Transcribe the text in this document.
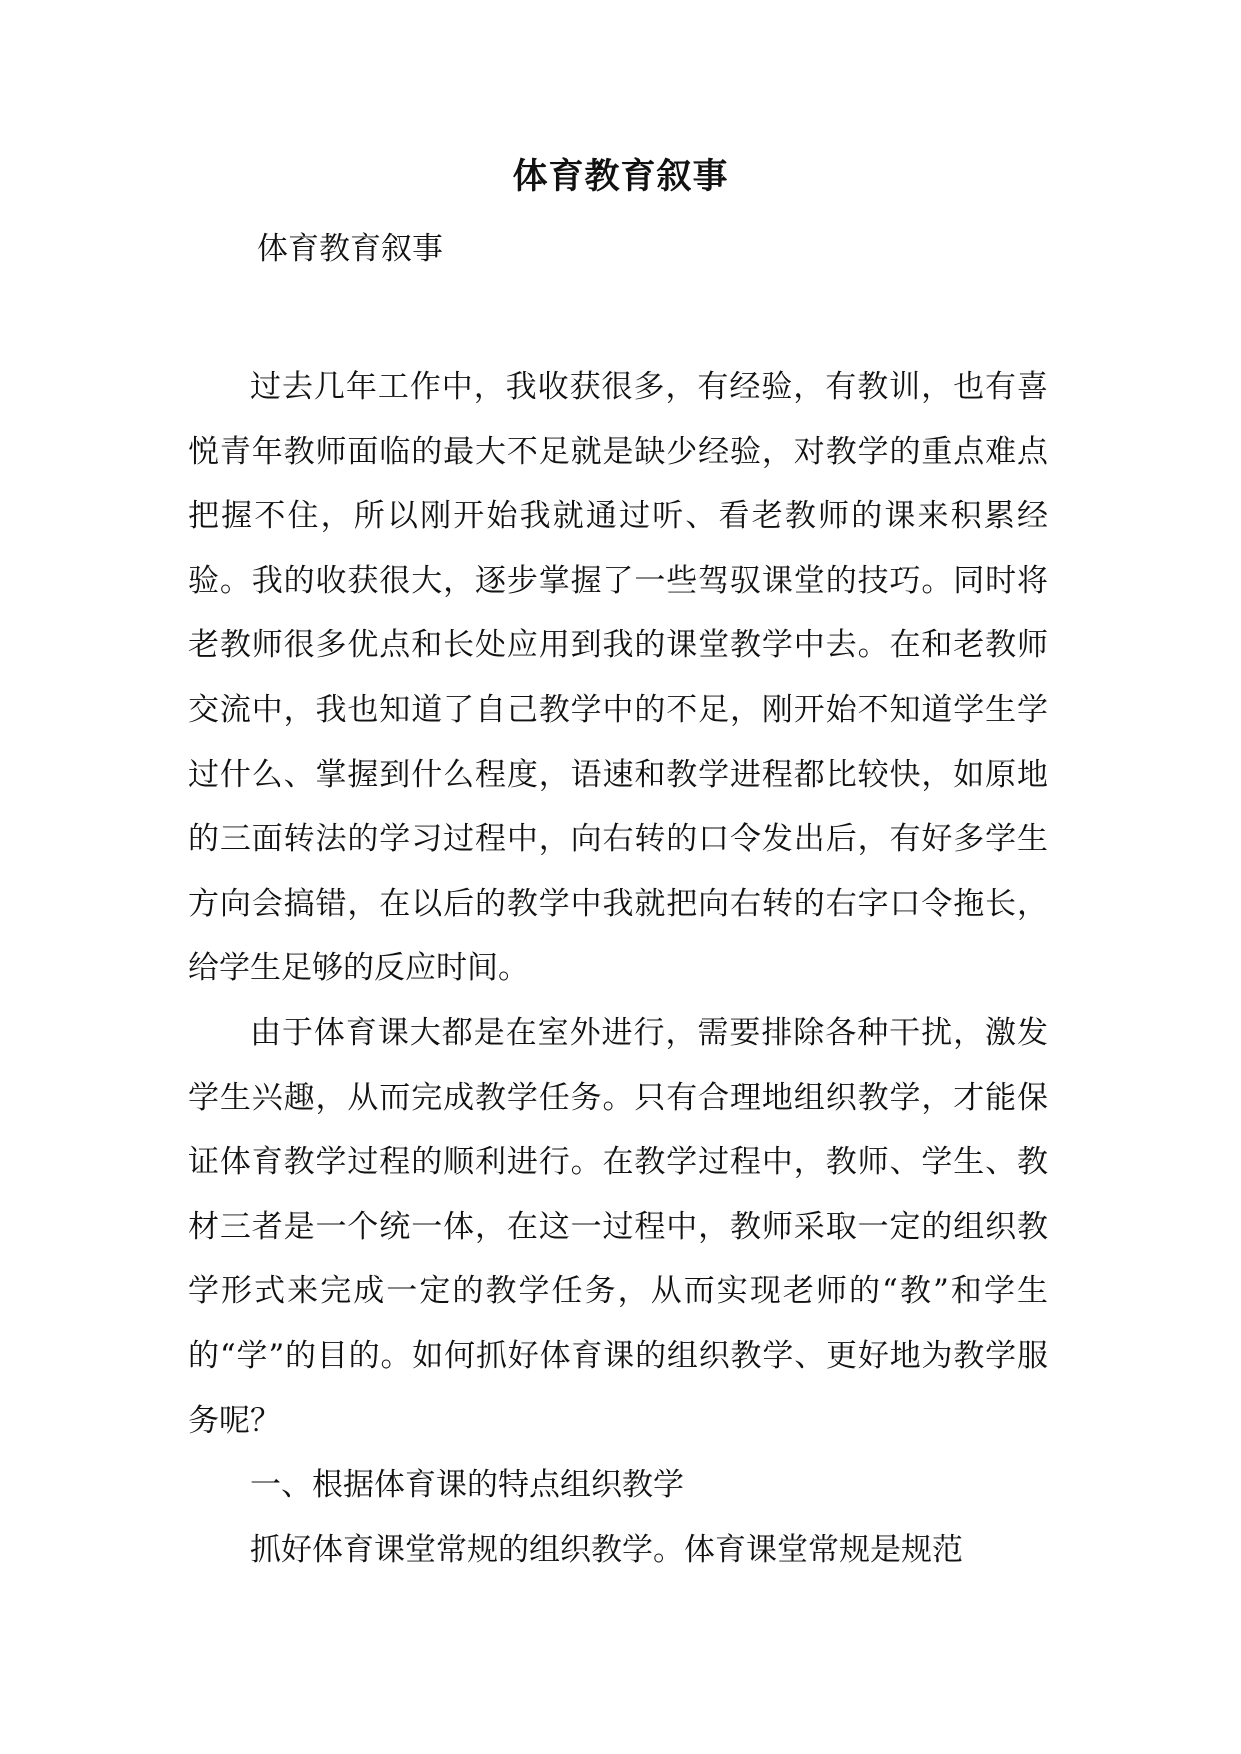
体育教育叙事
体育教育叙事

过去几年工作中，我收获很多，有经验，有教训，也有喜悦青年教师面临的最大不足就是缺少经验，对教学的重点难点把握不住，所以刚开始我就通过听、看老教师的课来积累经验。我的收获很大，逐步掌握了一些驾驭课堂的技巧。同时将老教师很多优点和长处应用到我的课堂教学中去。在和老教师交流中，我也知道了自己教学中的不足，刚开始不知道学生学过什么、掌握到什么程度，语速和教学进程都比较快，如原地的三面转法的学习过程中，向右转的口令发出后，有好多学生方向会搞错，在以后的教学中我就把向右转的右字口令拖长，给学生足够的反应时间。

由于体育课大都是在室外进行，需要排除各种干扰，激发学生兴趣，从而完成教学任务。只有合理地组织教学，才能保证体育教学过程的顺利进行。在教学过程中，教师、学生、教材三者是一个统一体，在这一过程中，教师采取一定的组织教学形式来完成一定的教学任务，从而实现老师的“教”和学生的“学”的目的。如何抓好体育课的组织教学、更好地为教学服务呢？

一、根据体育课的特点组织教学

抓好体育课堂常规的组织教学。体育课堂常规是规范
